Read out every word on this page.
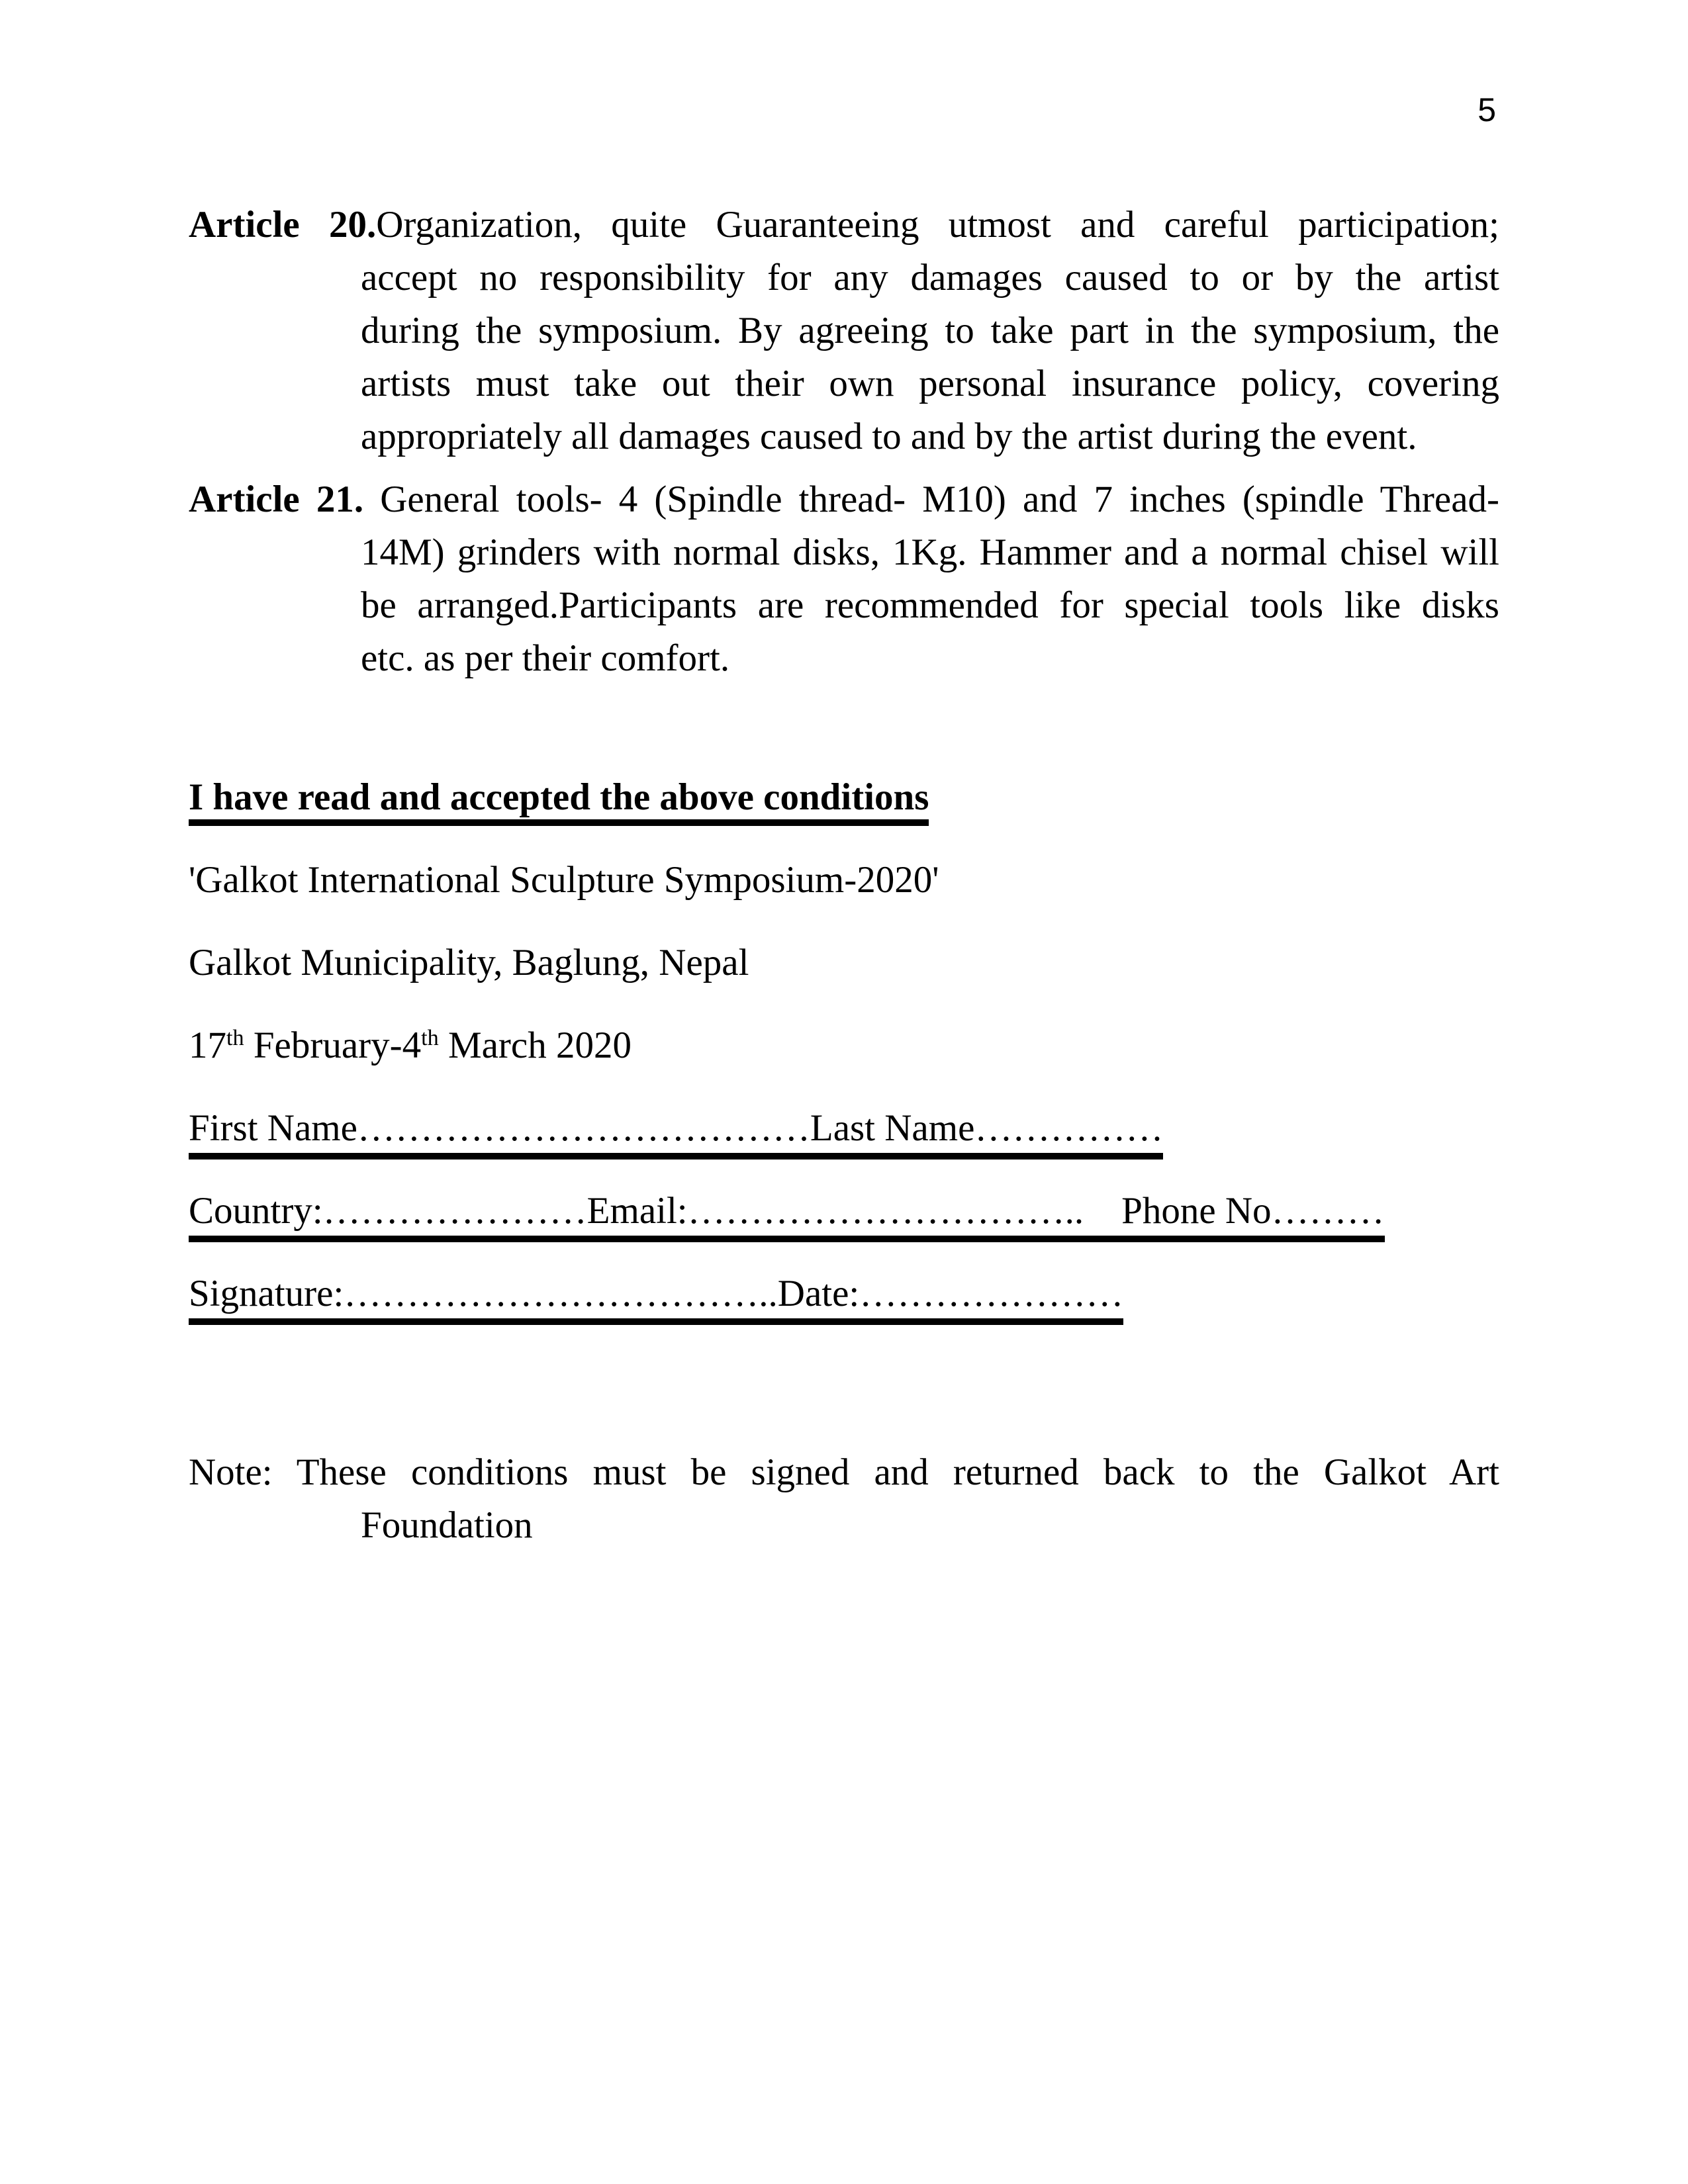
5

Article 20.Organization, quite Guaranteeing utmost and careful participation;

accept no responsibility for any damages caused to or by the artist

during the symposium. By agreeing to take part in the symposium, the

artists must take out their own personal insurance policy, covering

appropriately all damages caused to and by the artist during the event.

Article 21. General tools- 4 (Spindle thread- M10) and 7 inches (spindle Thread-

14M) grinders with normal disks, 1Kg. Hammer and a normal chisel will

be arranged.Participants are recommended for special tools like disks

etc. as per their comfort.

I have read and accepted the above conditions

'Galkot International Sculpture Symposium-2020'

Galkot Municipality, Baglung, Nepal

17th February-4th March 2020

First Name………………………………Last Name……………

Country:…………………Email:…………………………..    Phone No………

Signature:……………………………..Date:…………………

Note: These conditions must be signed and returned back to the Galkot Art

Foundation
